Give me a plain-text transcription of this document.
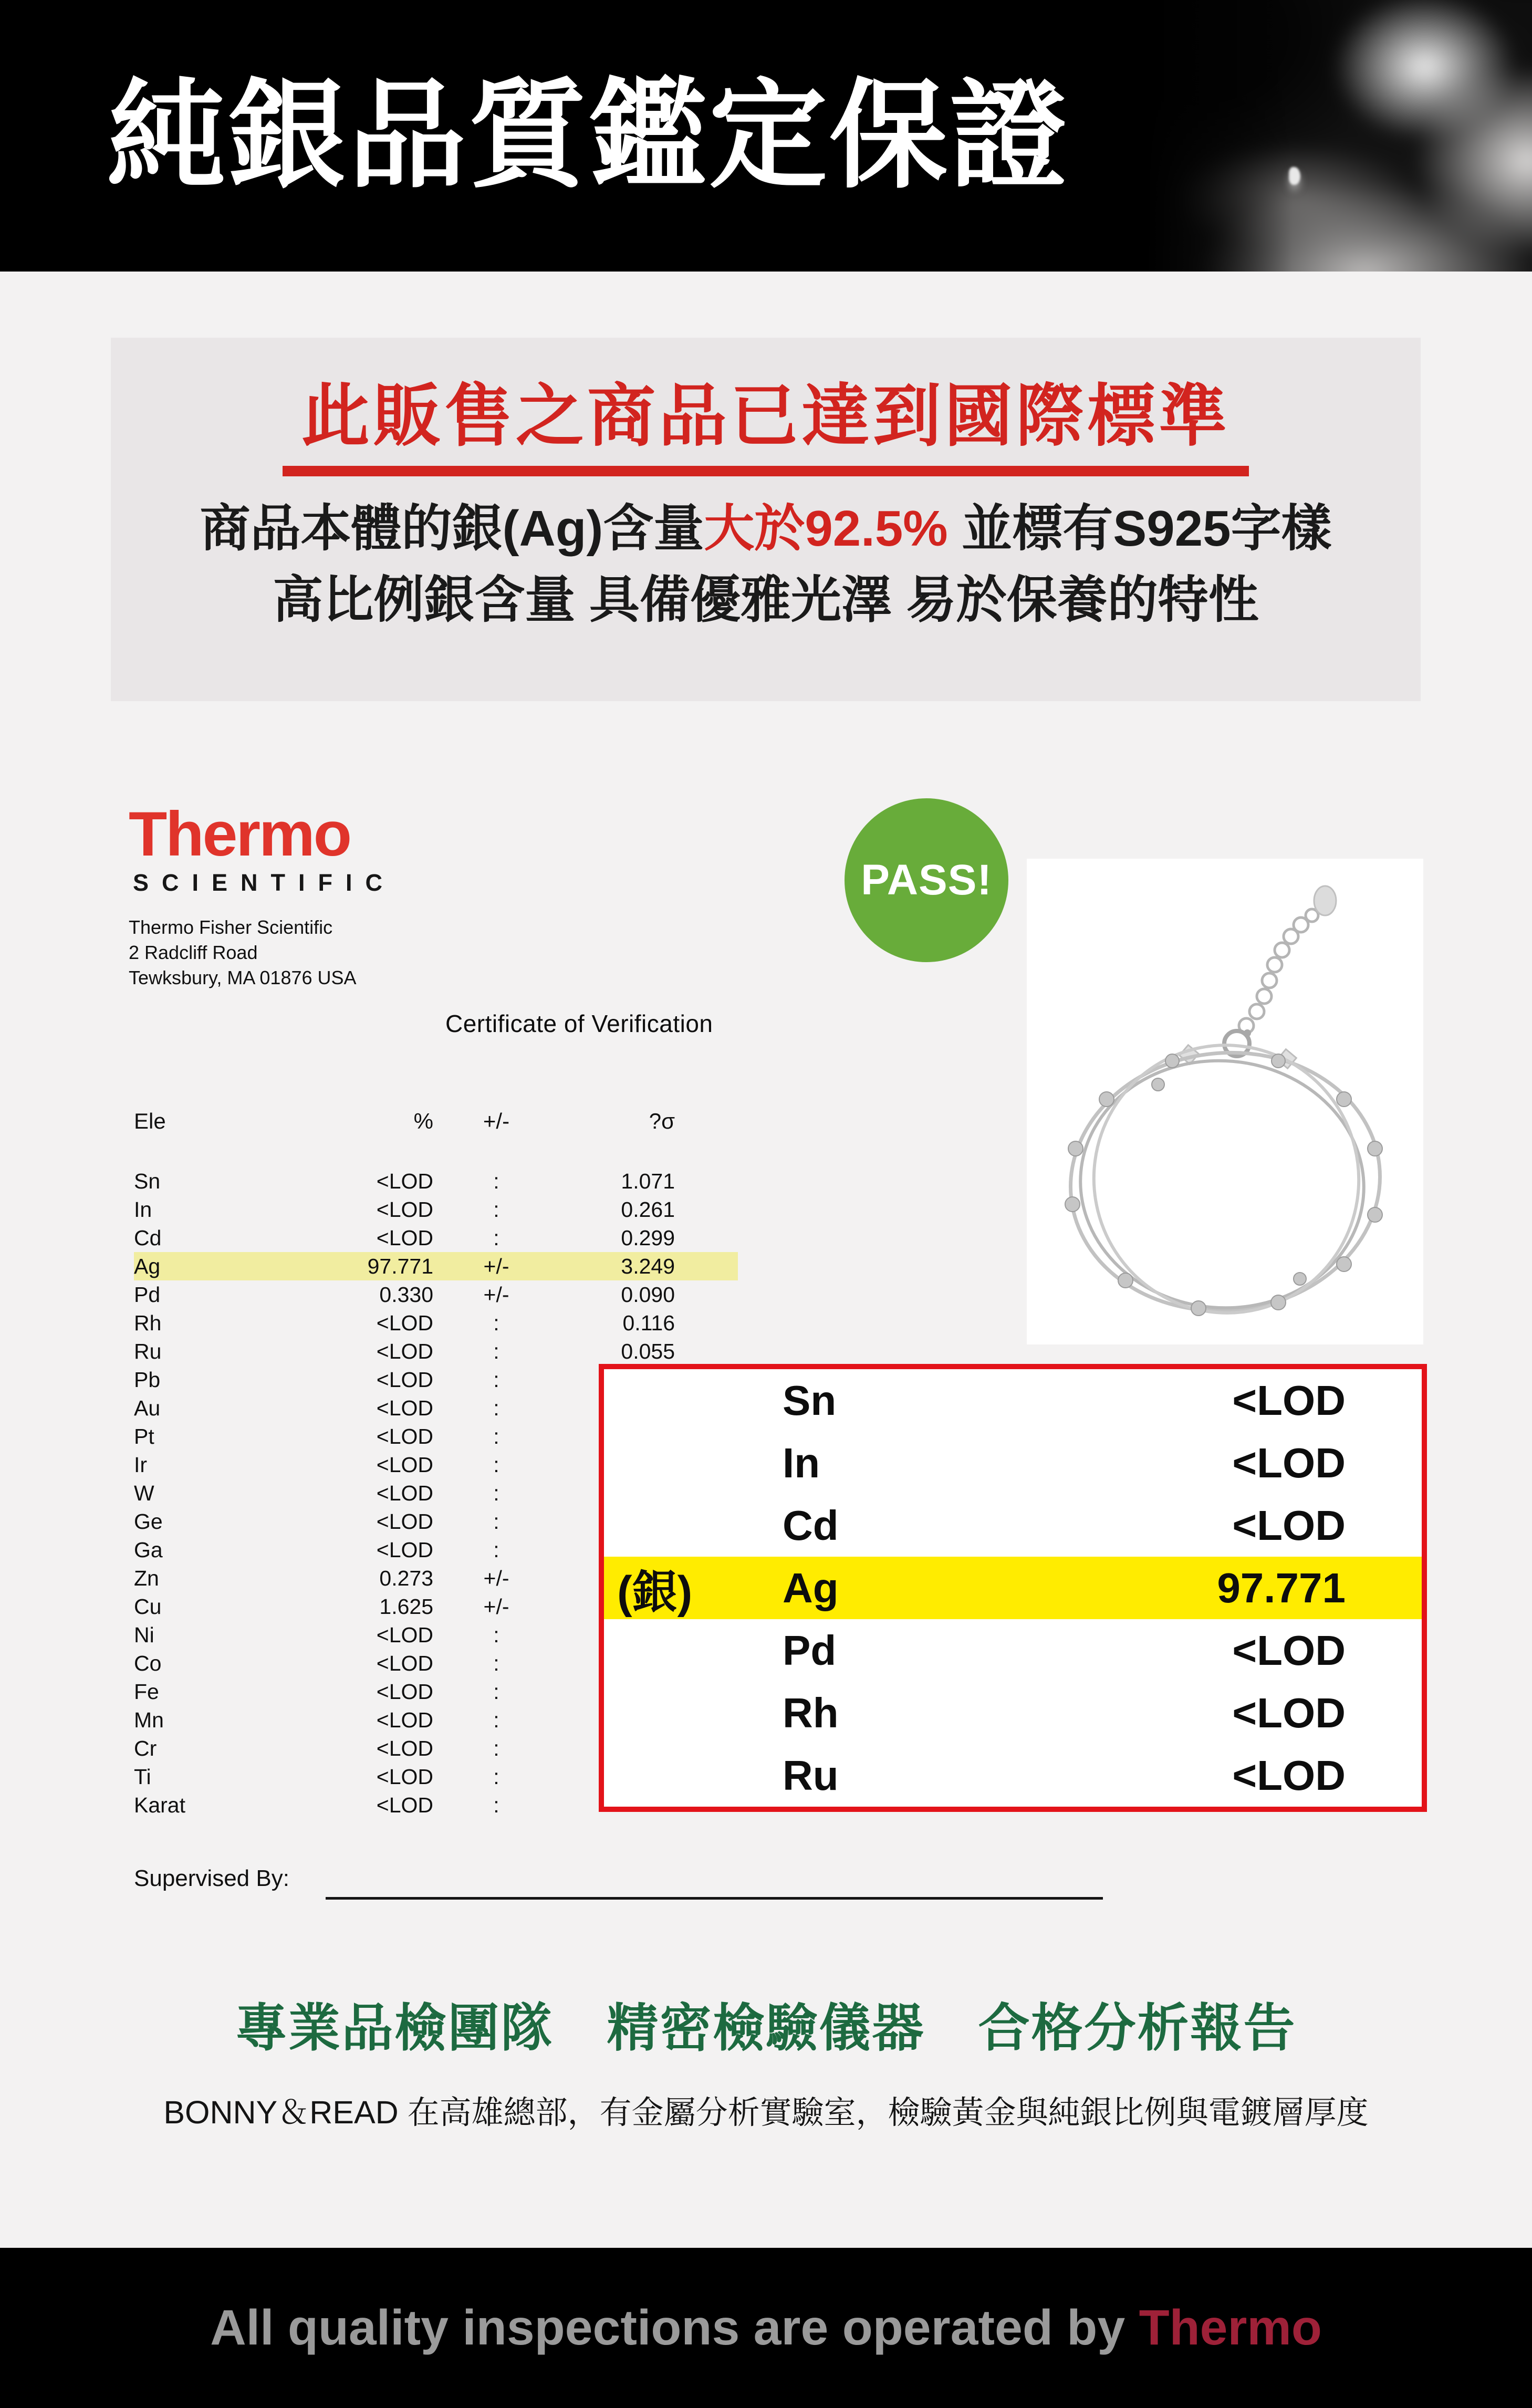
純銀品質鑑定保證
此販售之商品已達到國際標準
商品本體的銀(Ag)含量大於92.5% 並標有S925字樣
高比例銀含量 具備優雅光澤 易於保養的特性
Thermo
SCIENTIFIC
Thermo Fisher Scientific
2 Radcliff Road
Tewksbury, MA 01876 USA
PASS!
Certificate of Verification
Ele	%	+/-	?σ
Sn	<LOD	:	1.071
In	<LOD	:	0.261
Cd	<LOD	:	0.299
Ag	97.771	+/-	3.249
Pd	0.330	+/-	0.090
Rh	<LOD	:	0.116
Ru	<LOD	:	0.055
Pb	<LOD	:
Au	<LOD	:
Pt	<LOD	:
Ir	<LOD	:
W	<LOD	:
Ge	<LOD	:
Ga	<LOD	:
Zn	0.273	+/-
Cu	1.625	+/-
Ni	<LOD	:
Co	<LOD	:
Fe	<LOD	:
Mn	<LOD	:
Cr	<LOD	:
Ti	<LOD	:
Karat	<LOD	:
Sn	<LOD
In	<LOD
Cd	<LOD
(銀)	Ag	97.771
Pd	<LOD
Rh	<LOD
Ru	<LOD
Supervised By:
專業品檢團隊　精密檢驗儀器　合格分析報告
BONNY＆READ 在高雄總部，有金屬分析實驗室，檢驗黃金與純銀比例與電鍍層厚度
All quality inspections are operated by Thermo
